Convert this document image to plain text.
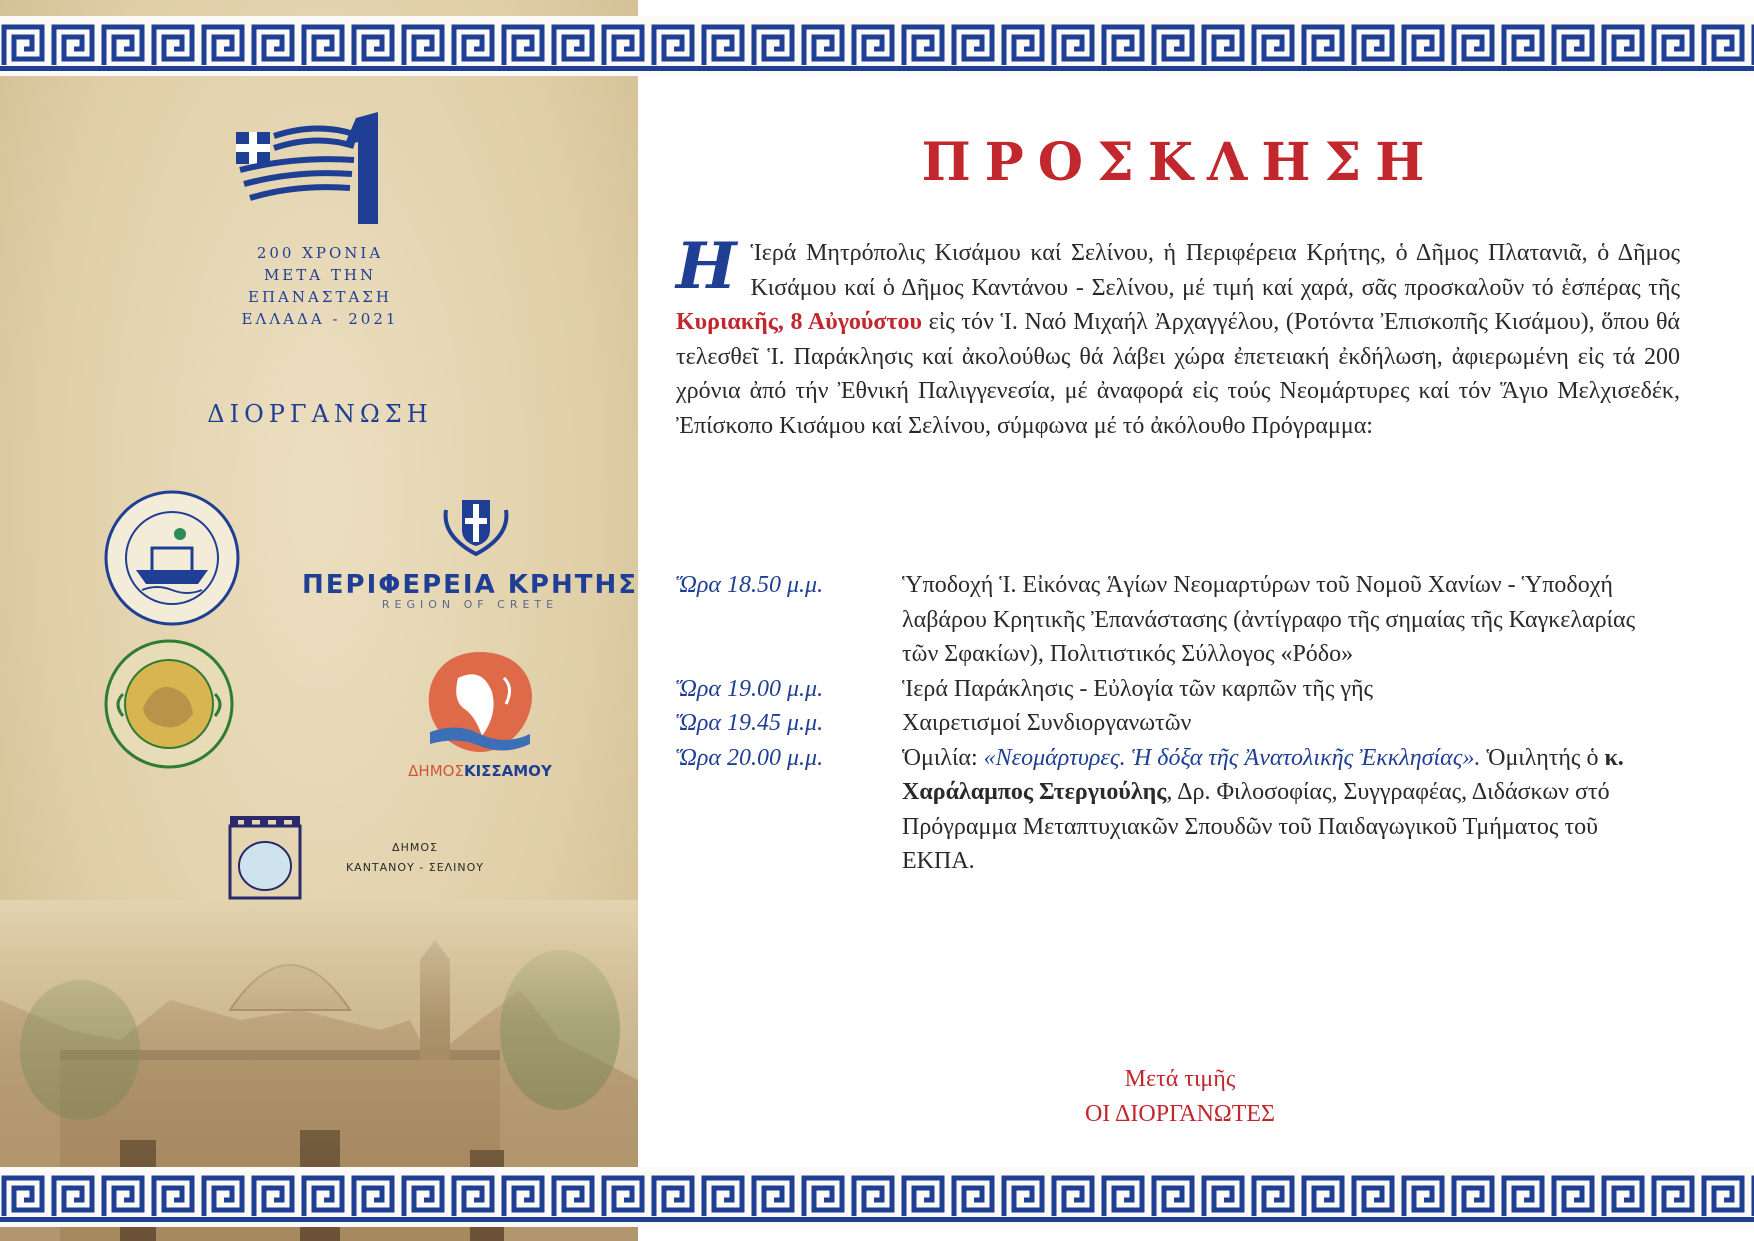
200 ΧΡΟΝΙΑ
ΜΕΤΑ ΤΗΝ
ΕΠΑΝΑΣΤΑΣΗ
ΕΛΛΑΔΑ - 2021
ΔΙΟΡΓΑΝΩΣΗ
ΠΕΡΙΦΕΡΕΙΑ ΚΡΗΤΗΣ
REGION OF CRETE
ΔΗΜΟΣΚΙΣΣΑΜΟΥ
ΔΗΜΟΣ
ΚΑΝΤΑΝΟΥ - ΣΕΛΙΝΟΥ
ΠΡΟΣΚΛΗΣΗ

Η Ἱερά Μητρόπολις Κισάμου καί Σελίνου, ἡ Περιφέρεια Κρήτης, ὁ Δῆμος Πλατανιᾶ, ὁ Δῆμος Κισάμου καί ὁ Δῆμος Καντάνου - Σελίνου, μέ τιμή καί χαρά, σᾶς προσκαλοῦν τό ἑσπέρας τῆς Κυριακῆς, 8 Αὐγούστου εἰς τόν Ἱ. Ναό Μιχαήλ Ἀρχαγγέλου, (Ροτόντα Ἐπισκοπῆς Κισάμου), ὅπου θά τελεσθεῖ Ἱ. Παράκλησις καί ἀκολούθως θά λάβει χώρα ἐπετειακή ἐκδήλωση, ἀφιερωμένη εἰς τά 200 χρόνια ἀπό τήν Ἐθνική Παλιγγενεσία, μέ ἀναφορά εἰς τούς Νεομάρτυρες καί τόν Ἅγιο Μελχισεδέκ, Ἐπίσκοπο Κισάμου καί Σελίνου, σύμφωνα μέ τό ἀκόλουθο Πρόγραμμα:

Ὥρα 18.50 μ.μ.	Ὑποδοχή Ἱ. Εἰκόνας Ἁγίων Νεομαρτύρων τοῦ Νομοῦ Χανίων - Ὑποδοχή λαβάρου Κρητικῆς Ἐπανάστασης (ἀντίγραφο τῆς σημαίας τῆς Καγκελαρίας τῶν Σφακίων), Πολιτιστικός Σύλλογος «Ρόδο»
Ὥρα 19.00 μ.μ.	Ἱερά Παράκλησις - Εὐλογία τῶν καρπῶν τῆς γῆς
Ὥρα 19.45 μ.μ.	Χαιρετισμοί Συνδιοργανωτῶν
Ὥρα 20.00 μ.μ.	Ὁμιλία: «Νεομάρτυρες. Ἡ δόξα τῆς Ἀνατολικῆς Ἐκκλησίας». Ὁμιλητής ὁ κ. Χαράλαμπος Στεργιούλης, Δρ. Φιλοσοφίας, Συγγραφέας, Διδάσκων στό Πρόγραμμα Μεταπτυχιακῶν Σπουδῶν τοῦ Παιδαγωγικοῦ Τμήματος τοῦ ΕΚΠΑ.
Μετά τιμῆς
ΟΙ ΔΙΟΡΓΑΝΩΤΕΣ
